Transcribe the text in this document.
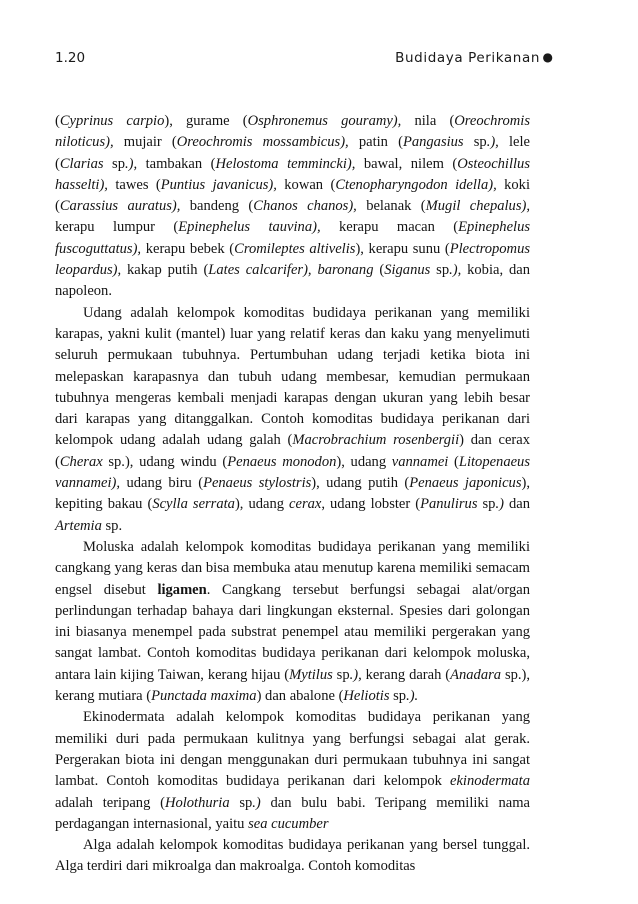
1.20	Budidaya Perikanan ●

(Cyprinus carpio), gurame (Osphronemus gouramy), nila (Oreochromis niloticus), mujair (Oreochromis mossambicus), patin (Pangasius sp.), lele (Clarias sp.), tambakan (Helostoma temmincki), bawal, nilem (Osteochillus hasselti), tawes (Puntius javanicus), kowan (Ctenopharyngodon idella), koki (Carassius auratus), bandeng (Chanos chanos), belanak (Mugil chepalus), kerapu lumpur (Epinephelus tauvina), kerapu macan (Epinephelus fuscoguttatus), kerapu bebek (Cromileptes altivelis), kerapu sunu (Plectropomus leopardus), kakap putih (Lates calcarifer), baronang (Siganus sp.), kobia, dan napoleon.

Udang adalah kelompok komoditas budidaya perikanan yang memiliki karapas, yakni kulit (mantel) luar yang relatif keras dan kaku yang menyelimuti seluruh permukaan tubuhnya. Pertumbuhan udang terjadi ketika biota ini melepaskan karapasnya dan tubuh udang membesar, kemudian permukaan tubuhnya mengeras kembali menjadi karapas dengan ukuran yang lebih besar dari karapas yang ditanggalkan. Contoh komoditas budidaya perikanan dari kelompok udang adalah udang galah (Macrobrachium rosenbergii) dan cerax (Cherax sp.), udang windu (Penaeus monodon), udang vannamei (Litopenaeus vannamei), udang biru (Penaeus stylostris), udang putih (Penaeus japonicus), kepiting bakau (Scylla serrata), udang cerax, udang lobster (Panulirus sp.) dan Artemia sp.

Moluska adalah kelompok komoditas budidaya perikanan yang memiliki cangkang yang keras dan bisa membuka atau menutup karena memiliki semacam engsel disebut ligamen. Cangkang tersebut berfungsi sebagai alat/organ perlindungan terhadap bahaya dari lingkungan eksternal. Spesies dari golongan ini biasanya menempel pada substrat penempel atau memiliki pergerakan yang sangat lambat. Contoh komoditas budidaya perikanan dari kelompok moluska, antara lain kijing Taiwan, kerang hijau (Mytilus sp.), kerang darah (Anadara sp.), kerang mutiara (Punctada maxima) dan abalone (Heliotis sp.).

Ekinodermata adalah kelompok komoditas budidaya perikanan yang memiliki duri pada permukaan kulitnya yang berfungsi sebagai alat gerak. Pergerakan biota ini dengan menggunakan duri permukaan tubuhnya ini sangat lambat. Contoh komoditas budidaya perikanan dari kelompok ekinodermata adalah teripang (Holothuria sp.) dan bulu babi. Teripang memiliki nama perdagangan internasional, yaitu sea cucumber

Alga adalah kelompok komoditas budidaya perikanan yang bersel tunggal. Alga terdiri dari mikroalga dan makroalga. Contoh komoditas
